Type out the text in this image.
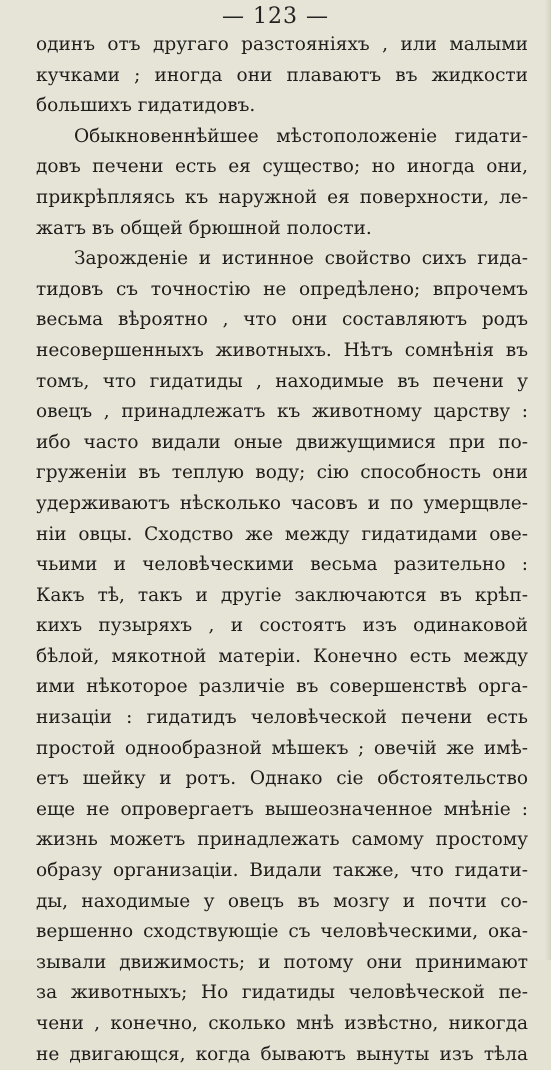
— 123 —
одинъ отъ другаго разстояніяхъ , или малыми
кучками ; иногда они плаваютъ въ жидкости
большихъ гидатидовъ.
Обыкновеннѣйшее мѣстоположеніе гидати-
довъ печени есть ея существо; но иногда они,
прикрѣпляясь къ наружной ея поверхности, ле-
жатъ въ общей брюшной полости.
Зарожденіе и истинное свойство сихъ гида-
тидовъ съ точностію не опредѣлено; впрочемъ
весьма вѣроятно , что они составляютъ родъ
несовершенныхъ животныхъ. Нѣтъ сомнѣнія въ
томъ, что гидатиды , находимые въ печени у
овецъ , принадлежатъ къ животному царству :
ибо часто видали оные движущимися при по-
груженіи въ теплую воду; сію способность они
удерживаютъ нѣсколько часовъ и по умерщвле-
ніи овцы. Сходство же между гидатидами ове-
чьими и человѣческими весьма разительно :
Какъ тѣ, такъ и другіе заключаются въ крѣп-
кихъ пузыряхъ , и состоятъ изъ одинаковой
бѣлой, мякотной матеріи. Конечно есть между
ими нѣкоторое различіе въ совершенствѣ орга-
низаціи : гидатидъ человѣческой печени есть
простой однообразной мѣшекъ ; овечій же имѣ-
етъ шейку и ротъ. Однако сіе обстоятельство
еще не опровергаетъ вышеозначенное мнѣніе :
жизнь можетъ принадлежать самому простому
образу организаціи. Видали также, что гидати-
ды, находимые у овецъ въ мозгу и почти со-
вершенно сходствующіе съ человѣческими, ока-
зывали движимость; и потому они принимают
за животныхъ; Но гидатиды человѣческой пе-
чени , конечно, сколько мнѣ извѣстно, никогда
не двигающся, когда бываютъ вынуты изъ тѣла
